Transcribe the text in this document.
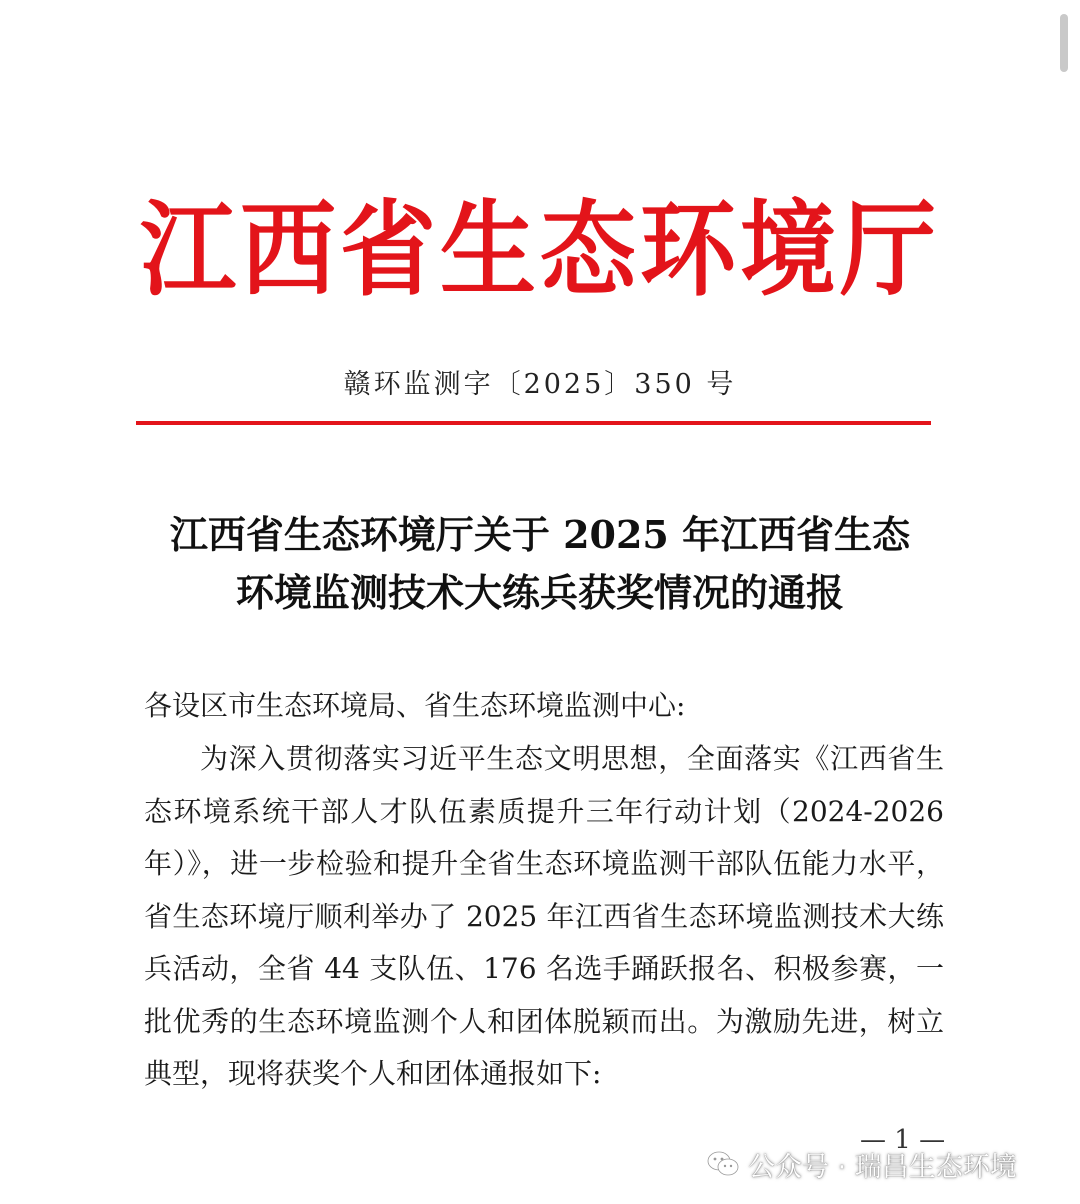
江西省生态环境厅
赣环监测字〔2025〕350 号
江西省生态环境厅关于 2025 年江西省生态
环境监测技术大练兵获奖情况的通报
各设区市生态环境局、省生态环境监测中心:
为深入贯彻落实习近平生态文明思想，全面落实《江西省生态环境系统干部人才队伍素质提升三年行动计划（2024-2026年）》，进一步检验和提升全省生态环境监测干部队伍能力水平，省生态环境厅顺利举办了 2025 年江西省生态环境监测技术大练兵活动，全省 44 支队伍、176 名选手踊跃报名、积极参赛，一批优秀的生态环境监测个人和团体脱颖而出。为激励先进，树立典型，现将获奖个人和团体通报如下:
— 1 —
公众号 · 瑞昌生态环境
